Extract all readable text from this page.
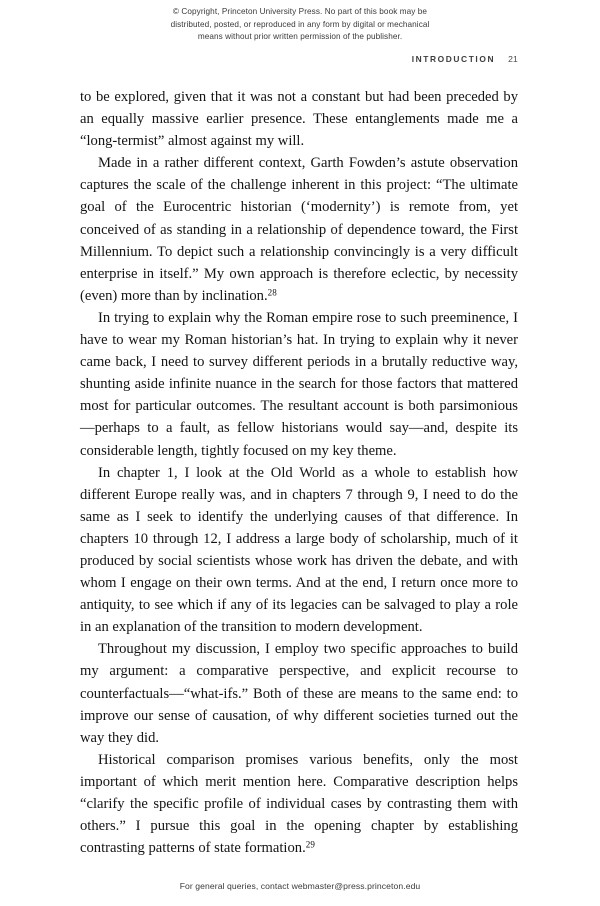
© Copyright, Princeton University Press. No part of this book may be
distributed, posted, or reproduced in any form by digital or mechanical
means without prior written permission of the publisher.
INTRODUCTION 21

to be explored, given that it was not a constant but had been preceded by an equally massive earlier presence. These entanglements made me a “long-termist” almost against my will.

Made in a rather different context, Garth Fowden’s astute observation captures the scale of the challenge inherent in this project: “The ultimate goal of the Eurocentric historian (‘modernity’) is remote from, yet conceived of as standing in a relationship of dependence toward, the First Millennium. To depict such a relationship convincingly is a very difficult enterprise in itself.” My own approach is therefore eclectic, by necessity (even) more than by inclination.$^{28}$

In trying to explain why the Roman empire rose to such preeminence, I have to wear my Roman historian’s hat. In trying to explain why it never came back, I need to survey different periods in a brutally reductive way, shunting aside infinite nuance in the search for those factors that mattered most for particular outcomes. The resultant account is both parsimonious—perhaps to a fault, as fellow historians would say—and, despite its considerable length, tightly focused on my key theme.

In chapter 1, I look at the Old World as a whole to establish how different Europe really was, and in chapters 7 through 9, I need to do the same as I seek to identify the underlying causes of that difference. In chapters 10 through 12, I address a large body of scholarship, much of it produced by social scientists whose work has driven the debate, and with whom I engage on their own terms. And at the end, I return once more to antiquity, to see which if any of its legacies can be salvaged to play a role in an explanation of the transition to modern development.

Throughout my discussion, I employ two specific approaches to build my argument: a comparative perspective, and explicit recourse to counterfactuals—“what-ifs.” Both of these are means to the same end: to improve our sense of causation, of why different societies turned out the way they did.

Historical comparison promises various benefits, only the most important of which merit mention here. Comparative description helps “clarify the specific profile of individual cases by contrasting them with others.” I pursue this goal in the opening chapter by establishing contrasting patterns of state formation.$^{29}$

For general queries, contact webmaster@press.princeton.edu
